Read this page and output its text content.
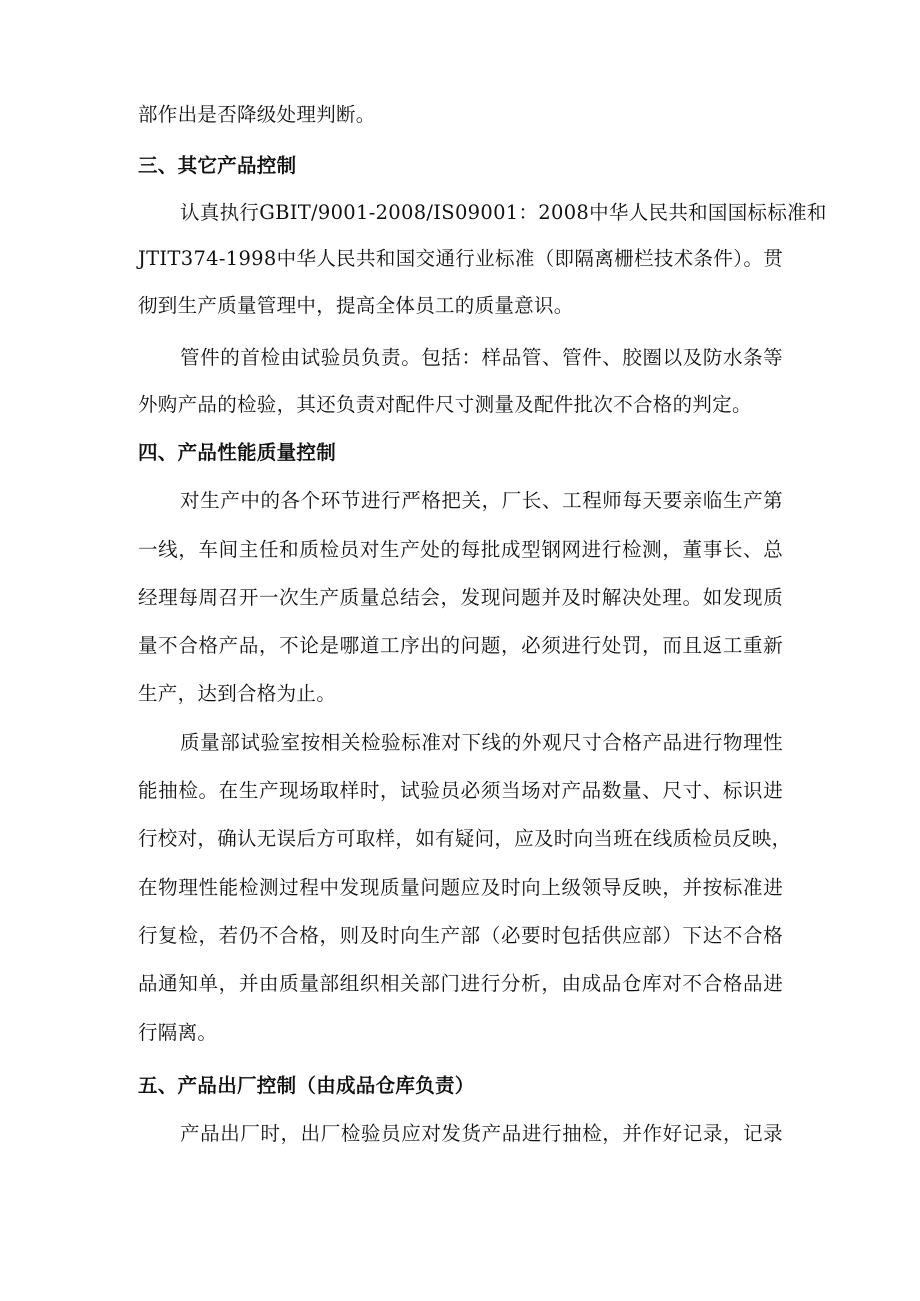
部作出是否降级处理判断。
三、其它产品控制
认真执行GBIT/9001-2008/IS09001：2008中华人民共和国国标标准和
JTIT374-1998中华人民共和国交通行业标准（即隔离栅栏技术条件）。贯
彻到生产质量管理中，提高全体员工的质量意识。
管件的首检由试验员负责。包括：样品管、管件、胶圈以及防水条等
外购产品的检验，其还负责对配件尺寸测量及配件批次不合格的判定。
四、产品性能质量控制
对生产中的各个环节进行严格把关，厂长、工程师每天要亲临生产第
一线，车间主任和质检员对生产处的每批成型钢网进行检测，董事长、总
经理每周召开一次生产质量总结会，发现问题并及时解决处理。如发现质
量不合格产品，不论是哪道工序出的问题，必须进行处罚，而且返工重新
生产，达到合格为止。
质量部试验室按相关检验标准对下线的外观尺寸合格产品进行物理性
能抽检。在生产现场取样时，试验员必须当场对产品数量、尺寸、标识进
行校对，确认无误后方可取样，如有疑问，应及时向当班在线质检员反映，
在物理性能检测过程中发现质量问题应及时向上级领导反映，并按标准进
行复检，若仍不合格，则及时向生产部（必要时包括供应部）下达不合格
品通知单，并由质量部组织相关部门进行分析，由成品仓库对不合格品进
行隔离。
五、产品出厂控制（由成品仓库负责）
产品出厂时，出厂检验员应对发货产品进行抽检，并作好记录，记录
